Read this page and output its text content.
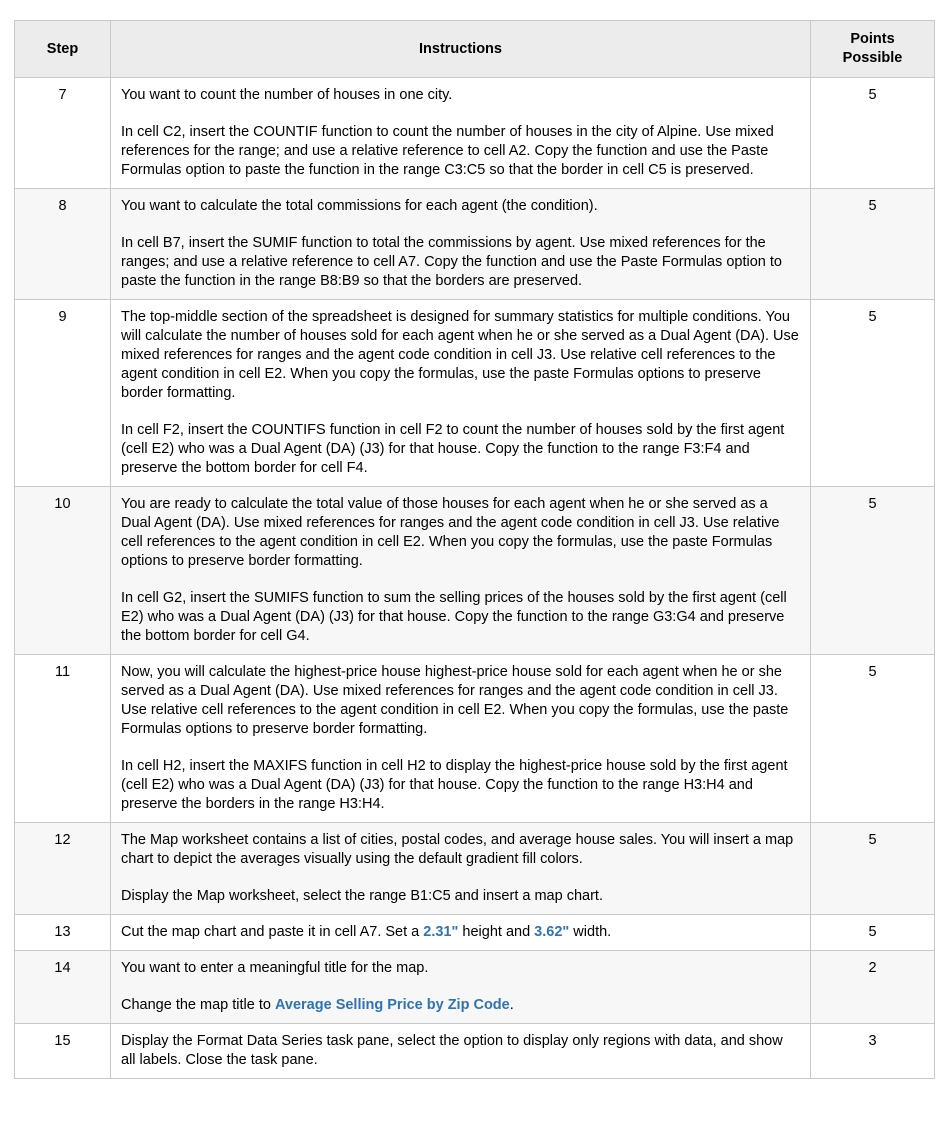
Step	Instructions	Points
Possible

7	You want to count the number of houses in one city.
In cell C2, insert the COUNTIF function to count the number of houses in the city of Alpine. Use mixed references for the range; and use a relative reference to cell A2. Copy the function and use the Paste Formulas option to paste the function in the range C3:C5 so that the border in cell C5 is preserved.	5
8	You want to calculate the total commissions for each agent (the condition).
In cell B7, insert the SUMIF function to total the commissions by agent. Use mixed references for the ranges; and use a relative reference to cell A7. Copy the function and use the Paste Formulas option to paste the function in the range B8:B9 so that the borders are preserved.	5
9	The top-middle section of the spreadsheet is designed for summary statistics for multiple conditions. You will calculate the number of houses sold for each agent when he or she served as a Dual Agent (DA). Use mixed references for ranges and the agent code condition in cell J3. Use relative cell references to the agent condition in cell E2. When you copy the formulas, use the paste Formulas options to preserve border formatting.
In cell F2, insert the COUNTIFS function in cell F2 to count the number of houses sold by the first agent (cell E2) who was a Dual Agent (DA) (J3) for that house. Copy the function to the range F3:F4 and preserve the bottom border for cell F4.	5
10	You are ready to calculate the total value of those houses for each agent when he or she served as a Dual Agent (DA). Use mixed references for ranges and the agent code condition in cell J3. Use relative cell references to the agent condition in cell E2. When you copy the formulas, use the paste Formulas options to preserve border formatting.
In cell G2, insert the SUMIFS function to sum the selling prices of the houses sold by the first agent (cell E2) who was a Dual Agent (DA) (J3) for that house. Copy the function to the range G3:G4 and preserve the bottom border for cell G4.	5
11	Now, you will calculate the highest-price house highest-price house sold for each agent when he or she served as a Dual Agent (DA). Use mixed references for ranges and the agent code condition in cell J3. Use relative cell references to the agent condition in cell E2. When you copy the formulas, use the paste Formulas options to preserve border formatting.
In cell H2, insert the MAXIFS function in cell H2 to display the highest-price house sold by the first agent (cell E2) who was a Dual Agent (DA) (J3) for that house. Copy the function to the range H3:H4 and preserve the borders in the range H3:H4.	5
12	The Map worksheet contains a list of cities, postal codes, and average house sales. You will insert a map chart to depict the averages visually using the default gradient fill colors.
Display the Map worksheet, select the range B1:C5 and insert a map chart.	5
13	Cut the map chart and paste it in cell A7. Set a 2.31" height and 3.62" width.	5
14	You want to enter a meaningful title for the map.
Change the map title to Average Selling Price by Zip Code.	2
15	Display the Format Data Series task pane, select the option to display only regions with data, and show all labels. Close the task pane.	3
